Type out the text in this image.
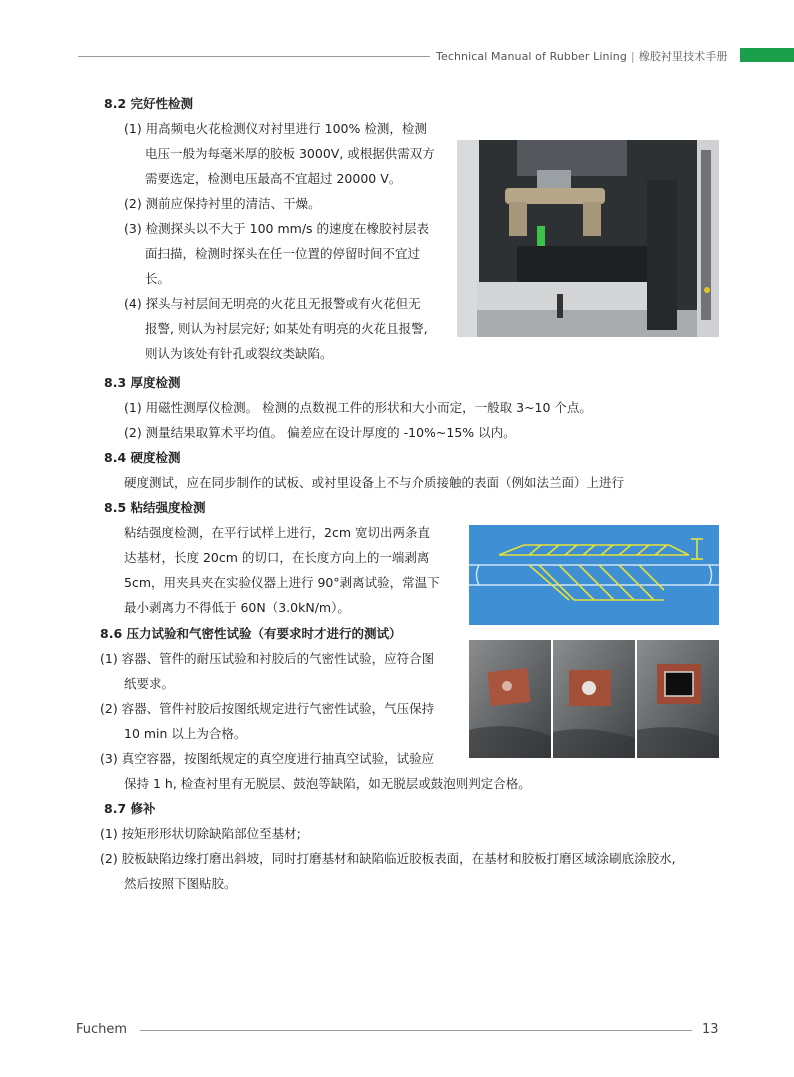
Technical Manual of Rubber Lining | 橡胶衬里技术手册
8.2 完好性检测
(1) 用高频电火花检测仪对衬里进行 100% 检测，检测
电压一般为每毫米厚的胶板 3000V, 或根据供需双方
需要选定，检测电压最高不宜超过 20000 V。
(2) 测前应保持衬里的清洁、干燥。
(3) 检测探头以不大于 100 mm/s 的速度在橡胶衬层表
面扫描，检测时探头在任一位置的停留时间不宜过
长。
(4) 探头与衬层间无明亮的火花且无报警或有火花但无
报警, 则认为衬层完好; 如某处有明亮的火花且报警,
则认为该处有针孔或裂纹类缺陷。
8.3 厚度检测
(1) 用磁性测厚仪检测。 检测的点数视工件的形状和大小而定，一般取 3~10 个点。
(2) 测量结果取算术平均值。 偏差应在设计厚度的 -10%~15% 以内。
8.4 硬度检测
硬度测试，应在同步制作的试板、或衬里设备上不与介质接触的表面（例如法兰面）上进行
8.5 粘结强度检测
粘结强度检测，在平行试样上进行，2cm 宽切出两条直
达基材，长度 20cm 的切口，在长度方向上的一端剥离
5cm，用夹具夹在实验仪器上进行 90°剥离试验，常温下
最小剥离力不得低于 60N（3.0kN/m）。
8.6 压力试验和气密性试验（有要求时才进行的测试）
(1) 容器、管件的耐压试验和衬胶后的气密性试验，应符合图
纸要求。
(2) 容器、管件衬胶后按图纸规定进行气密性试验，气压保持
10 min 以上为合格。
(3) 真空容器，按图纸规定的真空度进行抽真空试验，试验应
保持 1 h, 检查衬里有无脱层、鼓泡等缺陷，如无脱层或鼓泡则判定合格。
8.7 修补
(1) 按矩形形状切除缺陷部位至基材;
(2) 胶板缺陷边缘打磨出斜坡，同时打磨基材和缺陷临近胶板表面，在基材和胶板打磨区域涂刷底涂胶水,
然后按照下图贴胶。
Fuchem	13
